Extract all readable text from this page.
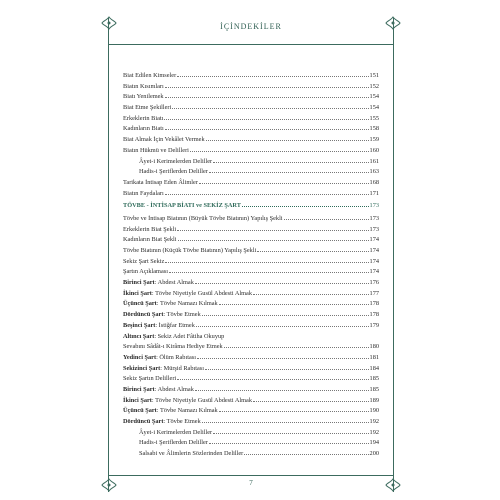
İÇİNDEKİLER
Biat Edilen Kimseler	151
Biatın Kısımları	152
Biatı Yenilemek	154
Biat Etme Şekilleri	154
Erkeklerin Biatı	155
Kadınların Biatı	158
Biat Almak İçin Vekâlet Vermek	159
Biatın Hükmü ve Delilleri	160
Âyet-i Kerimelerden Deliller	161
Hadis-i Şeriflerden Deliller	163
Tarikata İntisap Eden Âlimler	168
Biatın Faydaları	171
TÖVBE - İNTİSAP BİATI ve SEKİZ ŞART	173
Tövbe ve İntisap Biatının (Büyük Tövbe Biatının) Yapılış Şekli	173
Erkeklerin Biat Şekli	173
Kadınların Biat Şekli	174
Tövbe Biatının (Küçük Tövbe Biatının) Yapılış Şekli	174
Sekiz Şart Sekiz	174
Şartın Açıklaması	174
Birinci Şart: Abdest Almak	176
İkinci Şart: Tövbe Niyetiyle Gusül Abdesti Almak	177
Üçüncü Şart: Tövbe Namazı Kılmak	178
Dördüncü Şart: Tövbe Etmek	178
Beşinci Şart: İstiğfar Etmek	179
Altıncı Şart: Sekiz Adet Fâtiha Okuyup
Sevabını Sâdât-ı Kirâma Hediye Etmek	180
Yedinci Şart: Ölüm Rabıtası	181
Sekizinci Şart: Mürşid Rabıtası	184
Sekiz Şartın Delilleri	185
Birinci Şart: Abdest Almak	185
İkinci Şart: Tövbe Niyetiyle Gusül Abdesti Almak	189
Üçüncü Şart: Tövbe Namazı Kılmak	190
Dördüncü Şart: Tövbe Etmek	192
Âyet-i Kerimelerden Deliller	192
Hadis-i Şeriflerden Deliller	194
Salsabi ve Âlimlerin Sözlerinden Deliller	200
7
